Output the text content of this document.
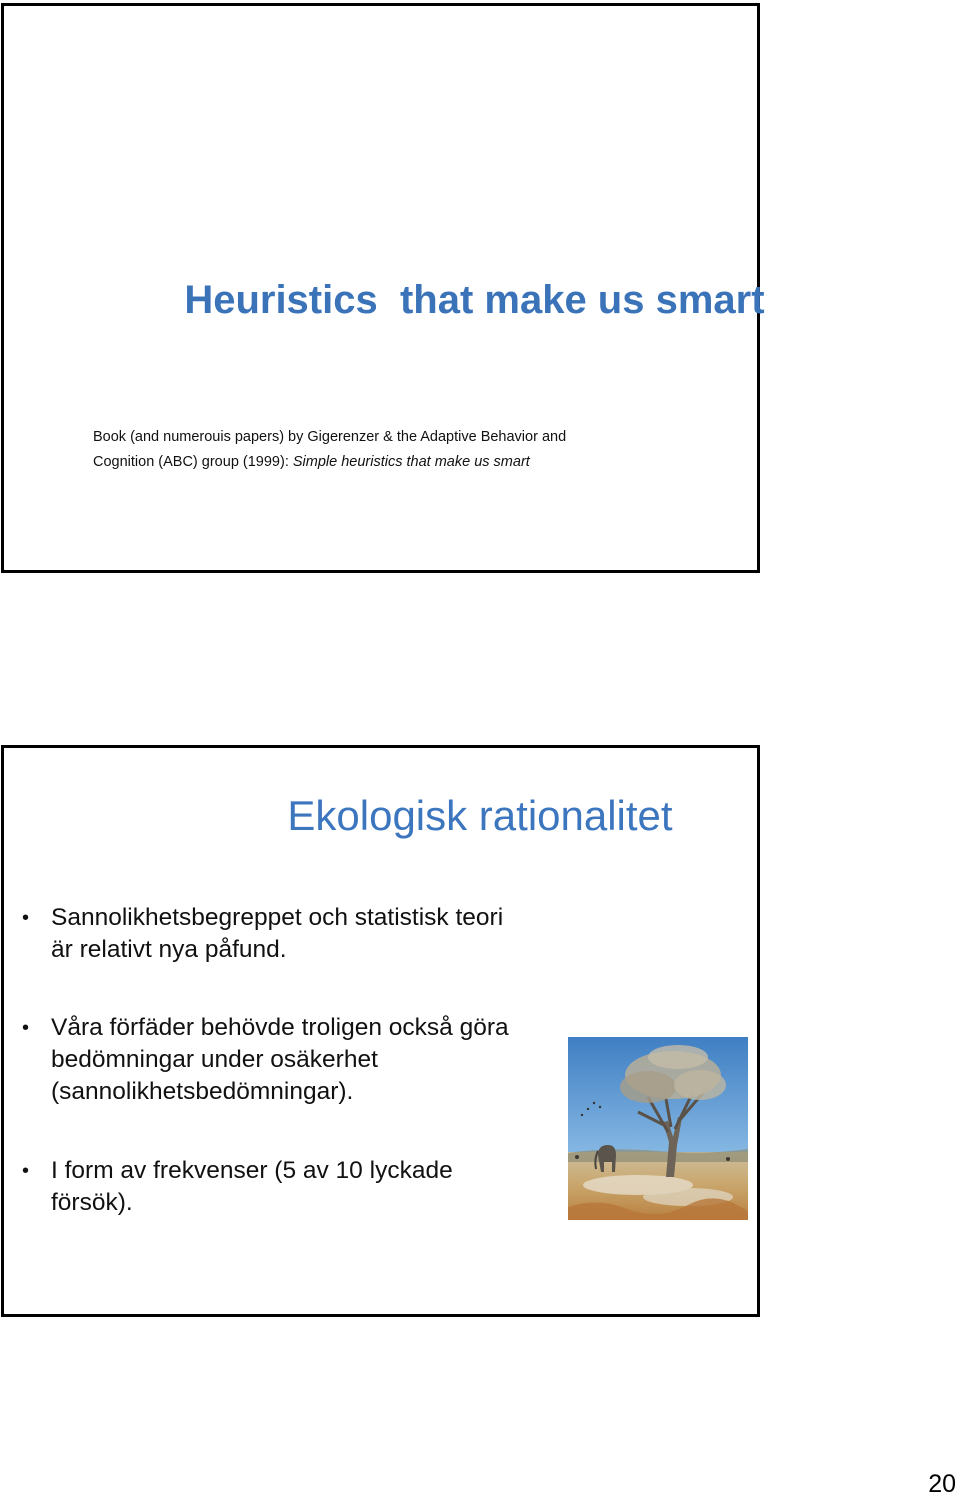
Heuristics  that make us smart
Book (and numerouis papers) by Gigerenzer & the Adaptive Behavior and
Cognition (ABC) group (1999): Simple heuristics that make us smart
Ekologisk rationalitet
• Sannolikhetsbegreppet och statistisk teori
är relativt nya påfund.
• Våra förfäder behövde troligen också göra
bedömningar under osäkerhet
(sannolikhetsbedömningar).
• I form av frekvenser (5 av 10 lyckade
försök).
20
